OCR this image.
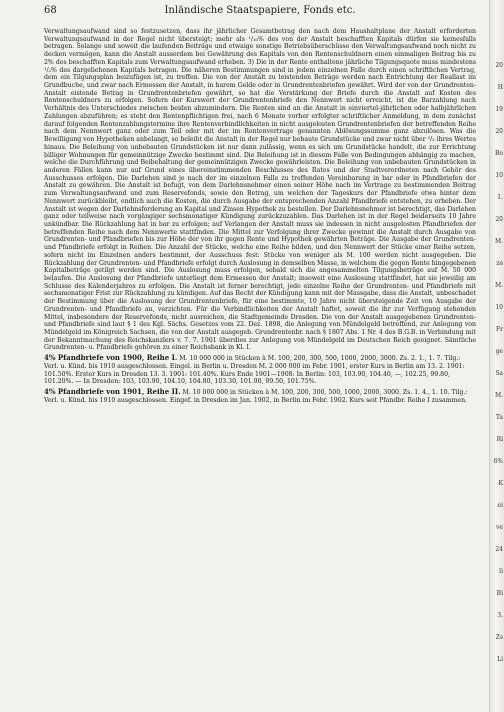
68	Inländische Staatspapiere, Fonds etc.

Verwaltungsaufwand sind so festzusetzen, dass ihr jährlicher Gesamtbetrag den nach dem Haushaltplane der Anstalt erforderten Verwaltungsaufwand in der Regel nicht übersteigt; mehr als ¹/₁₀% des von der Anstalt beschafften Kapitals dürfen sie keinesfalls betragen. Solange und soweit die laufenden Beiträge und etwaige sonstige Betriebsüberschüsse den Verwaltungsaufwand noch nicht zu decken vermögen, kann die Anstalt ausserdem bei Gewährung des Kapitals von den Rentenschuldnern einen einmaligen Beitrag bis zu 2% des beschafften Kapitals zum Verwaltungsaufwand erheben. 3) Die in der Rente enthaltene jährliche Tilgungsquote muss mindestens ¹/₂% des dargeliehenen Kapitals betragen. Die näheren Bestimmungen sind in jedem einzelnen Falle durch einen schriftlichen Vertrag, dem ein Tilgungsplan beizufügen ist, zu treffen. Die von der Anstalt zu leistenden Beträge werden nach Entrichtung der Reallast im Grundbuche, und zwar nach Ermessen der Anstalt, in barem Gelde oder in Grundrentenbriefen gewährt. Wird der von der Grundrenten-Anstalt eistende Betrag in Grundrentenbriefen gewährt, so hat die Verstärkung der Briefe durch die Anstalt auf Kosten des Rentenschuldners zu erfolgen. Sofern der Kurswert der Grundrentenbriefe den Nennwert nicht erreicht, ist die Barzahlung nach Verhältnis des Unterschiedes zwischen beiden abzumindern. Die Renten sind an die Anstalt in einviertel-jährlichen oder halbjährlichen Zahlungen abzuführen; es steht den Rentenpflichtigen frei, nach 6 Monate vorher erfolgter schriftlicher Anmeldung, in dem zunächst darauf folgenden Rentenzahlungstermine ihre Rentenverbindlichkeiten in nicht ausgelosten Grundrentenbriefen der betreffenden Reihe nach dem Nennwert ganz oder zum Teil oder mit der im Rentenvertrage genannten Ablösungssumme ganz abzulösen. Was die Bewilligung von Hypotheken anbelangt, so beleiht die Anstalt in der Regel nur bebaute Grundstücke und zwar nicht über ²/₃ ihres Wertes hinaus. Die Beleihung von unbebauten Grundstücken ist nur dann zulässig, wenn es sich um Grundstücke handelt, die zur Errichtung billiger Wohnungen für gemeinnützige Zwecke bestimmt sind. Die Beleihung ist in diesem Falle von Bedingungen abhängig zu machen, welche die Durchführung und Beibehaltung der gemeinnützigen Zwecke gewährleisten. Die Beleihung von unbebauten Grundstücken in anderen Fällen kann nur auf Grund eines übereinstimmenden Beschlusses des Rates und der Stadtverordneten nach Gehör des Ausschusses erfolgen. Die Darlehen sind je nach der im einzelnen Falle zu treffenden Vereinbarung in bar oder in Pfandbriefen der Anstalt zu gewähren. Die Anstalt ist befugt, von dem Darlehnsnehmer einen seiner Höhe nach im Vertrage zu bestimmenden Beitrag zum Verwaltungsaufwand und zum Reservefonds, sowie den Betrag, um welchen der Tageskurs der Pfandbriefe etwa hinter dem Nennwert zurückbleibt, endlich auch die Kosten, die durch Ausgabe der entsprechenden Anzahl Pfandbriefe entstehen, zu erheben. Der Anstalt ist wegen der Darlehnsforderung an Kapital und Zinsen Hypothek zu bestellen. Der Darlehnsnehmer ist berechtigt, das Darlehen ganz oder teilweise nach vorgängiger sechsmonatiger Kündigung zurückzuzahlen. Das Darlehen ist in der Regel beiderseits 10 Jahre unkündbar. Die Rückzahlung hat in bar zu erfolgen; auf Verlangen der Anstalt muss sie indessen in nicht ausgelosten Pfandbriefen der betreffenden Reihe nach dem Nennwerte stattfinden. Die Mittel zur Verfolgung ihrer Zwecke gewinnt die Anstalt durch Ausgabe von Grundrenten- und Pfandbriefen bis zur Höhe der von ihr gegen Rente und Hypothek gewährten Beträge. Die Ausgabe der Grundrenten- und Pfandbriefe erfolgt in Reihen. Die Anzahl der Stücke, welche eine Reihe bilden, und den Nennwert der Stücke einer Reihe setzen, sofern nicht im Einzelnen anders bestimmt, der Ausschuss fest: Stücke von weniger als M. 100 werden nicht ausgegeben. Die Rückzahlung der Grundrenten- und Pfandbriefe erfolgt durch Auslosung in demselben Masse, in welchem die gegen Rente hingegebenen Kapitalbeträge getilgt werden sind. Die Auslosung muss erfolgen, sobald sich die angesammelten Tilgungsbeträge auf M. 50 000 belaufen. Die Auslosung der Pfandbriefe unterliegt dem Ermessen der Anstalt; insoweit eine Auslosung stattfindet, hat sie jeweilig am Schlusse des Kalenderjahres zu erfolgen. Die Anstalt ist ferner berechtigt, jede einzelne Reihe der Grundrenten- und Pfandbriefe mit sechsmonatiger Frist zur Rückzahlung zu kündigen. Auf das Recht der Kündigung kann mit der Massgabe, dass die Anstalt, unbeschadet der Bestimmung über die Auslosung der Grundrentenbriefe, für eine bestimmte, 10 Jahre nicht übersteigende Zeit von Ausgabe der Grundrenten- und Pfandbriefe an, verzichten. Für die Verbindlichkeiten der Anstalt haftet, soweit die ihr zur Verfügung stehenden Mittel, insbesondere der Reservefonds, nicht ausreichen, die Stadtgemeinde Dresden. Die von der Anstalt ausgegebenen Grundrenten- und Pfandbriefe sind laut § 1 des Kgl. Sächs. Gesetzes vom 22. Dez. 1898, die Anlegung von Mündelgeld betreffend, zur Anlegung von Mündelgeld im Königreich Sachsen, die von der Anstalt ausgegeb. Grundrentenbr. nach § 1807 Abs. 1 Nr. 4 des B.G.B. in Verbindung mit der Bekanntmachung des Reichskanzlers v. 7. 7. 1901 überdies zur Anlegung von Mündelgeld im Deutschen Reich geeignet. Sämtliche Grundrenten- u. Pfandbriefe gehören zu einer Reichsbank in Kl. I.

4% Pfandbriefe von 1900, Reihe I. M. 10 000 000 in Stücken à M. 100, 200, 300, 500, 1000, 2000, 3000. Zs. 2. 1., 1. 7. Tilg.: Verl. u. Künd. bis 1910 ausgeschlossen. Eingel. in Berlin u. Dresden M. 2 000 000 im Febr. 1901, erster Kurs in Berlin am 13. 2. 1901: 101.50%. Erster Kurs in Dresden 13. 3. 1901: 101.40%. Kurs Ende 1901—1908: In Berlin: 103, 103.90, 104.40, —, 102.25, 99.80, 101.20%. — In Dresden: 103, 103.90, 104.10, 104.80, 103.30, 101.90, 99.50, 101.75%.

4% Pfandbriefe von 1901, Reihe II. M. 10 000 000 in Stücken à M. 100, 200, 300, 500, 1000, 2000, 3000. Zs. 1. 4., 1. 10. Tilg.: Verl. u. Künd. bis 1910 ausgeschlossen. Eingef. in Dresden im Jan. 1902, in Berlin im Febr. 1902. Kurs seit Pfandbr. Reihe I zusammen.

20
H
19
20
Bo
10
1.
20
M.
ze
M.
10
Fr
ge
Sa
M.
Ta
Ri
6%
K
ei
ve
24
li
Bi
3.
Zs
Li
